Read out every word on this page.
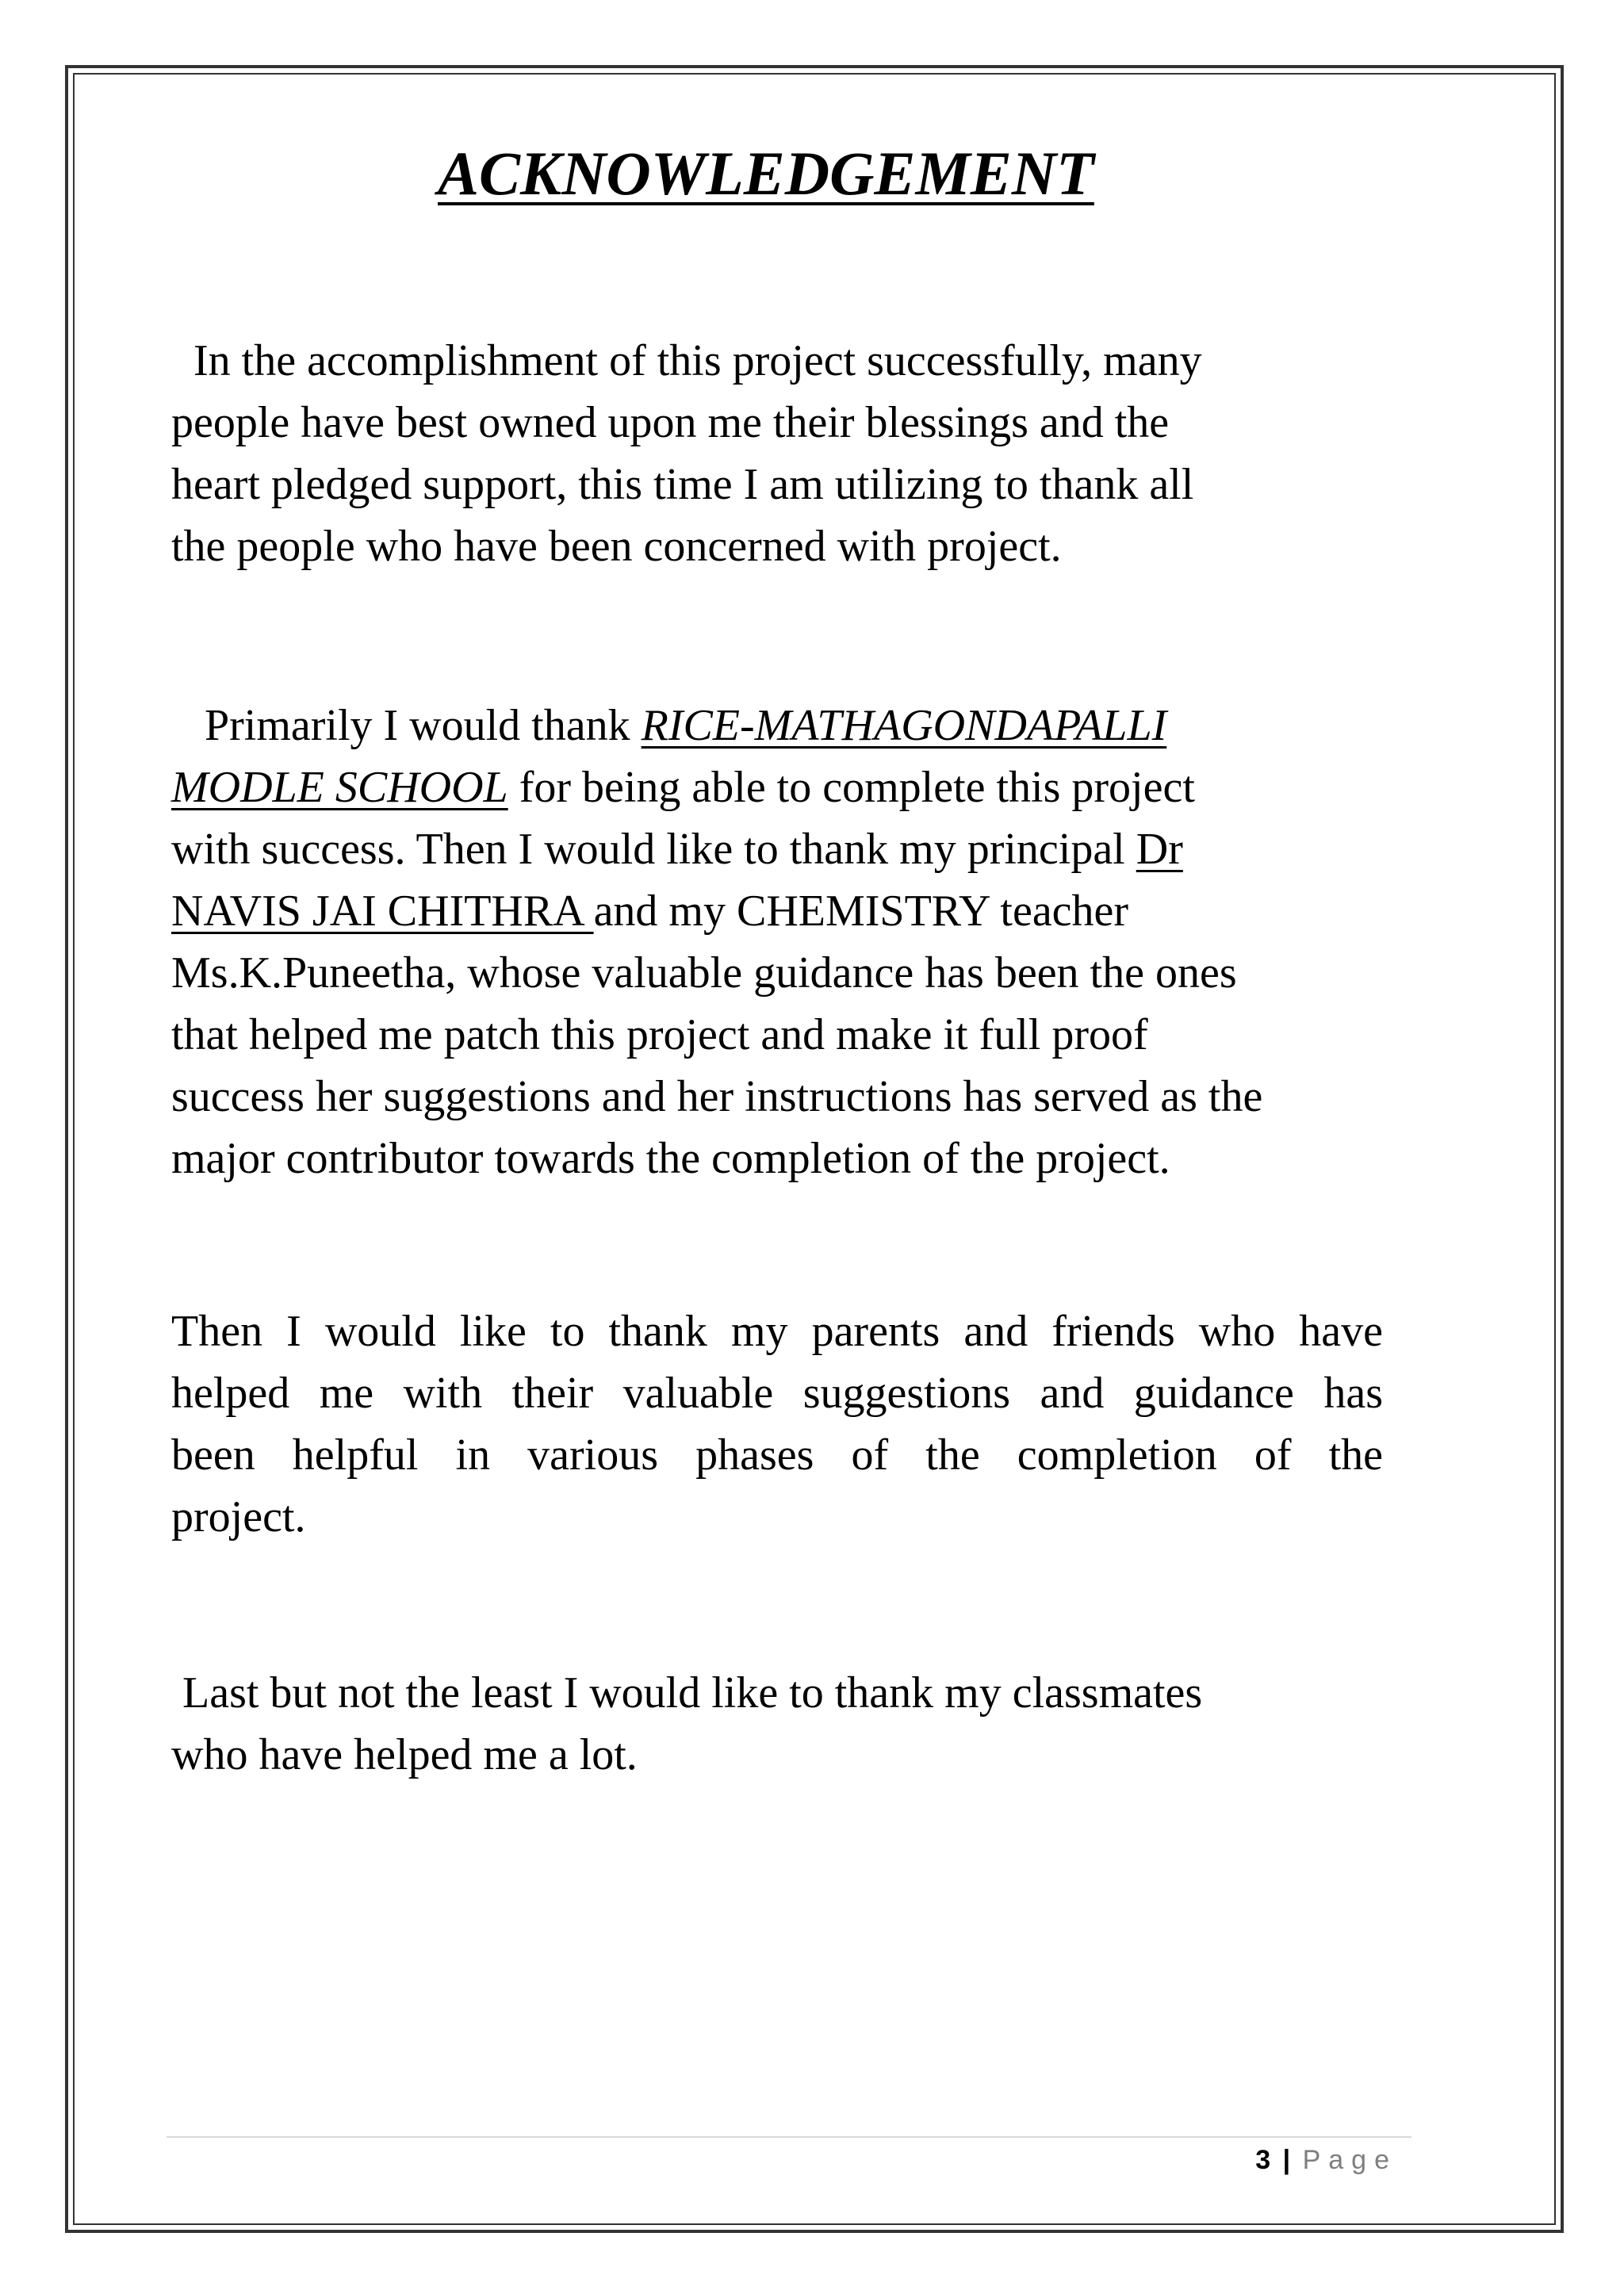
ACKNOWLEDGEMENT
In the accomplishment of this project successfully, many
people have best owned upon me their blessings and the
heart pledged support, this time I am utilizing to thank all
the people who have been concerned with project.
Primarily I would thank RICE-MATHAGONDAPALLI
MODLE SCHOOL for being able to complete this project
with success. Then I would like to thank my principal Dr
NAVIS JAI CHITHRA and my CHEMISTRY teacher
Ms.K.Puneetha, whose valuable guidance has been the ones
that helped me patch this project and make it full proof
success her suggestions and her instructions has served as the
major contributor towards the completion of the project.
Then I would like to thank my parents and friends who have
helped me with their valuable suggestions and guidance has
been helpful in various phases of the completion of the
project.
Last but not the least I would like to thank my classmates
who have helped me a lot.
3 | Page
